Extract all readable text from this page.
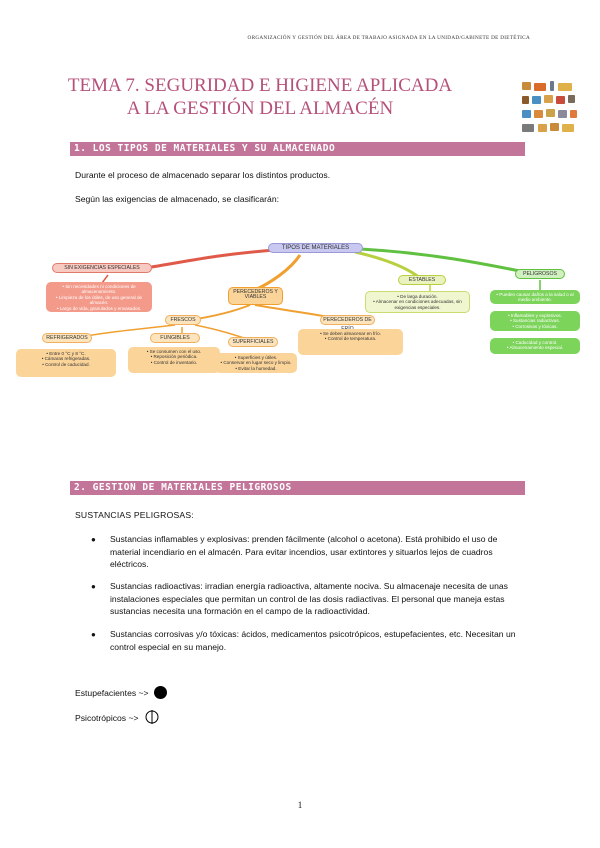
ORGANIZACIÓN Y GESTIÓN DEL ÁREA DE TRABAJO ASIGNADA EN LA UNIDAD/GABINETE DE DIETÉTICA
TEMA 7. SEGURIDAD E HIGIENE APLICADA
A LA GESTIÓN DEL ALMACÉN
1. LOS TIPOS DE MATERIALES Y SU ALMACENADO
Durante el proceso de almacenado separar los distintos productos.
Según las exigencias de almacenado, se clasificarán:
TIPOS DE MATERIALES
SIN EXIGENCIAS ESPECIALES
• Sin necesidades ni condiciones de almacenamiento.
• Limpieza de los útiles, de uso general de almacén.
• Largo de vida, granulados y envasados.
PERECEDEROS Y VIABLES
ESTABLES
• De larga duración.
• Almacenar en condiciones adecuadas, sin exigencias especiales.
PELIGROSOS
• Pueden causar daños a la salud o al medio ambiente.
• Inflamables y explosivos.
• Sustancias radiactivas.
• Corrosivas y tóxicas.
• Caducidad y control.
• Almacenamiento especial.
FRESCOS	PERECEDEROS DE
• Se deben almacenar en frío.
• Control de temperatura.
REFRIGERADOS
• Entre 0 °C y 8 °C.
• Cámaras refrigeradas.
• Control de caducidad.
FUNGIBLES
• Se consumen con el uso.
• Reposición periódica.
• Control de inventario.
SUPERFICIALES
• Superficies y útiles.
• Conservar en lugar seco y limpio.
• Evitar la humedad.
2. GESTION DE MATERIALES PELIGROSOS
SUSTANCIAS PELIGROSAS:
● Sustancias inflamables y explosivas: prenden fácilmente (alcohol o acetona). Está prohibido el uso de material incendiario en el almacén. Para evitar incendios, usar extintores y situarlos lejos de cuadros eléctricos.
● Sustancias radioactivas: irradian energía radioactiva, altamente nociva. Su almacenaje necesita de unas instalaciones especiales que permitan un control de las dosis radiactivas. El personal que maneja estas sustancias necesita una formación en el campo de la radioactividad.
● Sustancias corrosivas y/o tóxicas: ácidos, medicamentos psicotrópicos, estupefacientes, etc. Necesitan un control especial en su manejo.
Estupefacientes ~>
Psicotrópicos ~>
1
